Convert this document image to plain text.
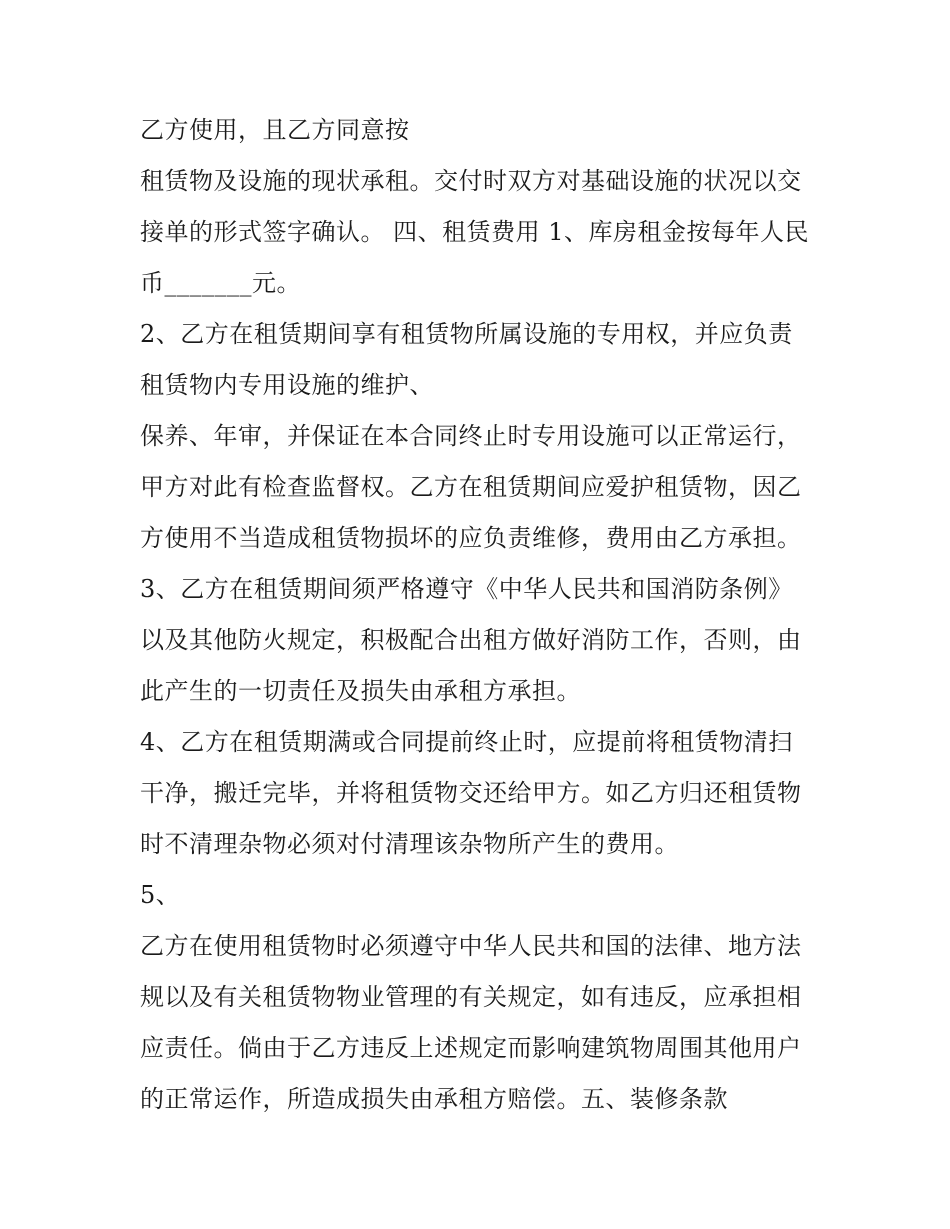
乙方使用，且乙方同意按
租赁物及设施的现状承租。交付时双方对基础设施的状况以交
接单的形式签字确认。 四、租赁费用 1、库房租金按每年人民
币_______元。
2、乙方在租赁期间享有租赁物所属设施的专用权，并应负责
租赁物内专用设施的维护、
保养、年审，并保证在本合同终止时专用设施可以正常运行，
甲方对此有检查监督权。乙方在租赁期间应爱护租赁物，因乙
方使用不当造成租赁物损坏的应负责维修，费用由乙方承担。
3、乙方在租赁期间须严格遵守《中华人民共和国消防条例》
以及其他防火规定，积极配合出租方做好消防工作，否则，由
此产生的一切责任及损失由承租方承担。
4、乙方在租赁期满或合同提前终止时，应提前将租赁物清扫
干净，搬迁完毕，并将租赁物交还给甲方。如乙方归还租赁物
时不清理杂物必须对付清理该杂物所产生的费用。
5、
乙方在使用租赁物时必须遵守中华人民共和国的法律、地方法
规以及有关租赁物物业管理的有关规定，如有违反，应承担相
应责任。倘由于乙方违反上述规定而影响建筑物周围其他用户
的正常运作，所造成损失由承租方赔偿。五、装修条款
